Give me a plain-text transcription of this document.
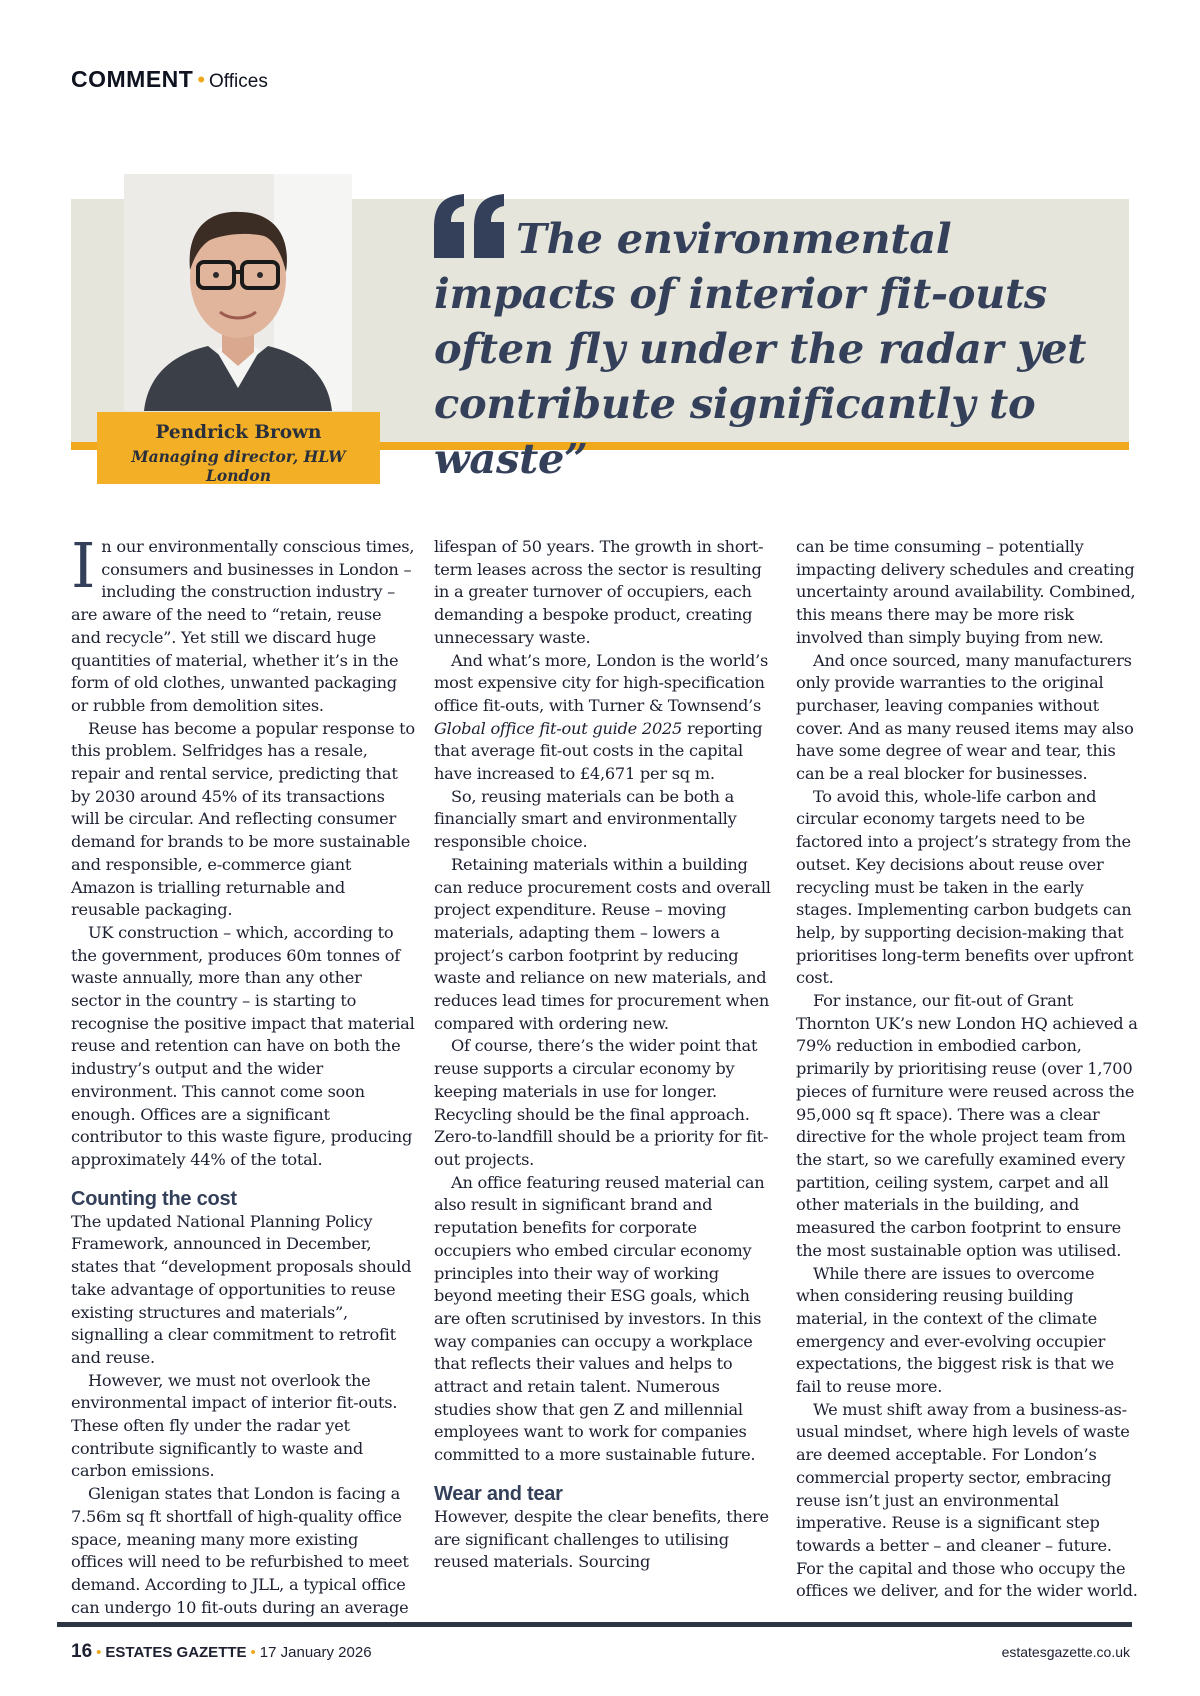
COMMENT • Offices
The environmental impacts of interior fit-outs often fly under the radar yet contribute significantly to waste”
Pendrick Brown
Managing director, HLW London

In our environmentally conscious times, consumers and businesses in London – including the construction industry – are aware of the need to “retain, reuse and recycle”. Yet still we discard huge quantities of material, whether it’s in the form of old clothes, unwanted packaging or rubble from demolition sites.

Reuse has become a popular response to this problem. Selfridges has a resale, repair and rental service, predicting that by 2030 around 45% of its transactions will be circular. And reflecting consumer demand for brands to be more sustainable and responsible, e-commerce giant Amazon is trialling returnable and reusable packaging.

UK construction – which, according to the government, produces 60m tonnes of waste annually, more than any other sector in the country – is starting to recognise the positive impact that material reuse and retention can have on both the industry’s output and the wider environment. This cannot come soon enough. Offices are a significant contributor to this waste figure, producing approximately 44% of the total.

Counting the cost

The updated National Planning Policy Framework, announced in December, states that “development proposals should take advantage of opportunities to reuse existing structures and materials”, signalling a clear commitment to retrofit and reuse.

However, we must not overlook the environmental impact of interior fit-outs. These often fly under the radar yet contribute significantly to waste and carbon emissions.

Glenigan states that London is facing a 7.56m sq ft shortfall of high-quality office space, meaning many more existing offices will need to be refurbished to meet demand. According to JLL, a typical office can undergo 10 fit-outs during an average

lifespan of 50 years. The growth in short-term leases across the sector is resulting in a greater turnover of occupiers, each demanding a bespoke product, creating unnecessary waste.

And what’s more, London is the world’s most expensive city for high-specification office fit-outs, with Turner & Townsend’s Global office fit-out guide 2025 reporting that average fit-out costs in the capital have increased to £4,671 per sq m.

So, reusing materials can be both a financially smart and environmentally responsible choice.

Retaining materials within a building can reduce procurement costs and overall project expenditure. Reuse – moving materials, adapting them – lowers a project’s carbon footprint by reducing waste and reliance on new materials, and reduces lead times for procurement when compared with ordering new.

Of course, there’s the wider point that reuse supports a circular economy by keeping materials in use for longer. Recycling should be the final approach. Zero-to-landfill should be a priority for fit-out projects.

An office featuring reused material can also result in significant brand and reputation benefits for corporate occupiers who embed circular economy principles into their way of working beyond meeting their ESG goals, which are often scrutinised by investors. In this way companies can occupy a workplace that reflects their values and helps to attract and retain talent. Numerous studies show that gen Z and millennial employees want to work for companies committed to a more sustainable future.

Wear and tear

However, despite the clear benefits, there are significant challenges to utilising reused materials. Sourcing

can be time consuming – potentially impacting delivery schedules and creating uncertainty around availability. Combined, this means there may be more risk involved than simply buying from new.

And once sourced, many manufacturers only provide warranties to the original purchaser, leaving companies without cover. And as many reused items may also have some degree of wear and tear, this can be a real blocker for businesses.

To avoid this, whole-life carbon and circular economy targets need to be factored into a project’s strategy from the outset. Key decisions about reuse over recycling must be taken in the early stages. Implementing carbon budgets can help, by supporting decision-making that prioritises long-term benefits over upfront cost.

For instance, our fit-out of Grant Thornton UK’s new London HQ achieved a 79% reduction in embodied carbon, primarily by prioritising reuse (over 1,700 pieces of furniture were reused across the 95,000 sq ft space). There was a clear directive for the whole project team from the start, so we carefully examined every partition, ceiling system, carpet and all other materials in the building, and measured the carbon footprint to ensure the most sustainable option was utilised.

While there are issues to overcome when considering reusing building material, in the context of the climate emergency and ever-evolving occupier expectations, the biggest risk is that we fail to reuse more.

We must shift away from a business-as-usual mindset, where high levels of waste are deemed acceptable. For London’s commercial property sector, embracing reuse isn’t just an environmental imperative. Reuse is a significant step towards a better – and cleaner – future. For the capital and those who occupy the offices we deliver, and for the wider world.

16 • ESTATES GAZETTE • 17 January 2026	estatesgazette.co.uk
